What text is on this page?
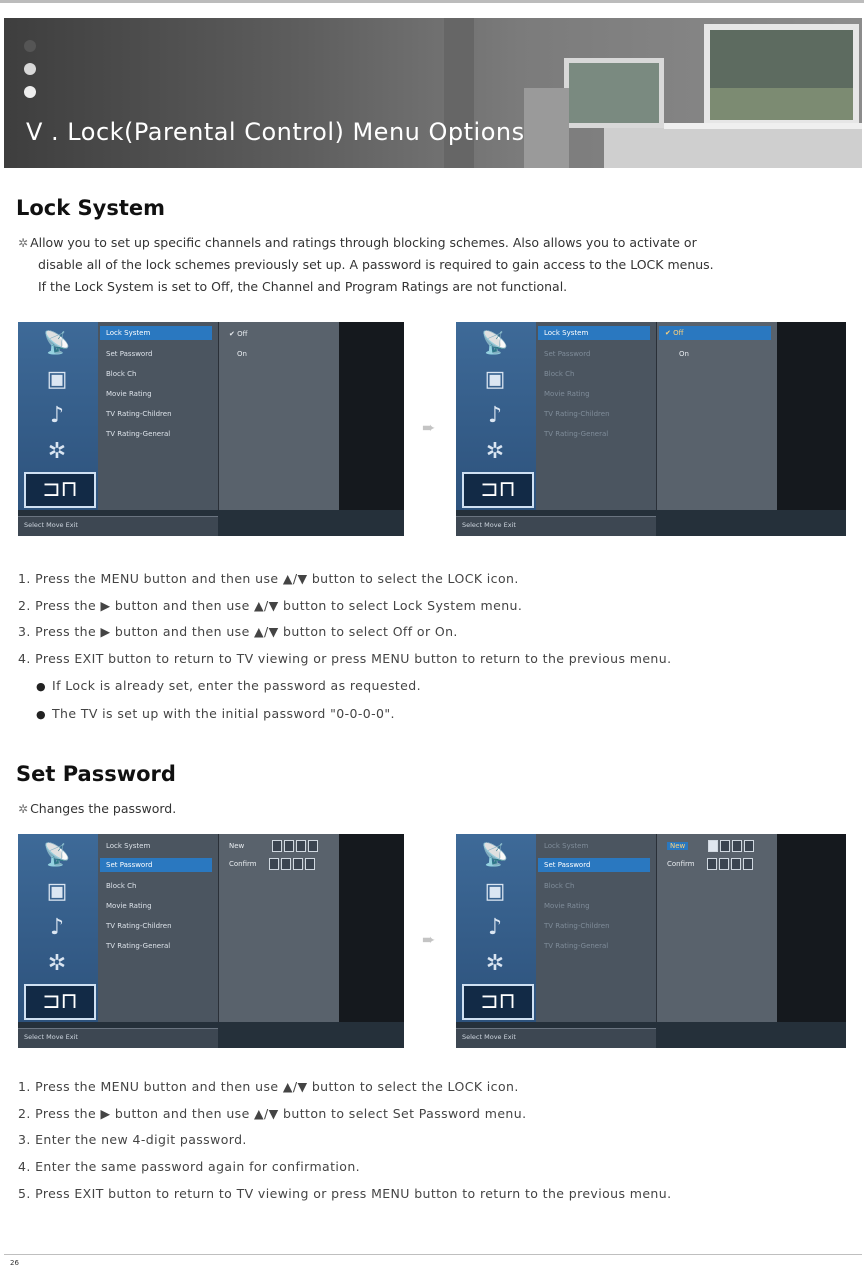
V . Lock(Parental Control) Menu Options
Lock System
✲ Allow you to set up specific channels and ratings through blocking schemes. Also allows you to activate or
disable all of the lock schemes previously set up. A password is required to gain access to the LOCK menus.
If the Lock System is set to Off, the Channel and Program Ratings are not functional.
📡
▣
♪
✲
⊐⊓
Lock System
Set Password
Block Ch
Movie Rating
TV Rating-Children
TV Rating-General
✔ Off
On
Select Move Exit
➨
📡
▣
♪
✲
⊐⊓
Lock System
Set Password
Block Ch
Movie Rating
TV Rating-Children
TV Rating-General
✔ Off
On
Select Move Exit
1. Press the MENU button and then use ▲/▼ button to select the LOCK icon.
2. Press the ▶ button and then use ▲/▼ button to select Lock System menu.
3. Press the ▶ button and then use ▲/▼ button to select Off or On.
4. Press EXIT button to return to TV viewing or press MENU button to return to the previous menu.
● If Lock is already set, enter the password as requested.
● The TV is set up with the initial password "0-0-0-0".
Set Password
✲ Changes the password.
📡
▣
♪
✲
⊐⊓
Lock System
Set Password
Block Ch
Movie Rating
TV Rating-Children
TV Rating-General
New
Confirm
Select Move Exit
➨
📡
▣
♪
✲
⊐⊓
Lock System
Set Password
Block Ch
Movie Rating
TV Rating-Children
TV Rating-General
New
Confirm
Select Move Exit
1. Press the MENU button and then use ▲/▼ button to select the LOCK icon.
2. Press the ▶ button and then use ▲/▼ button to select Set Password menu.
3. Enter the new 4-digit password.
4. Enter the same password again for confirmation.
5. Press EXIT button to return to TV viewing or press MENU button to return to the previous menu.
26
